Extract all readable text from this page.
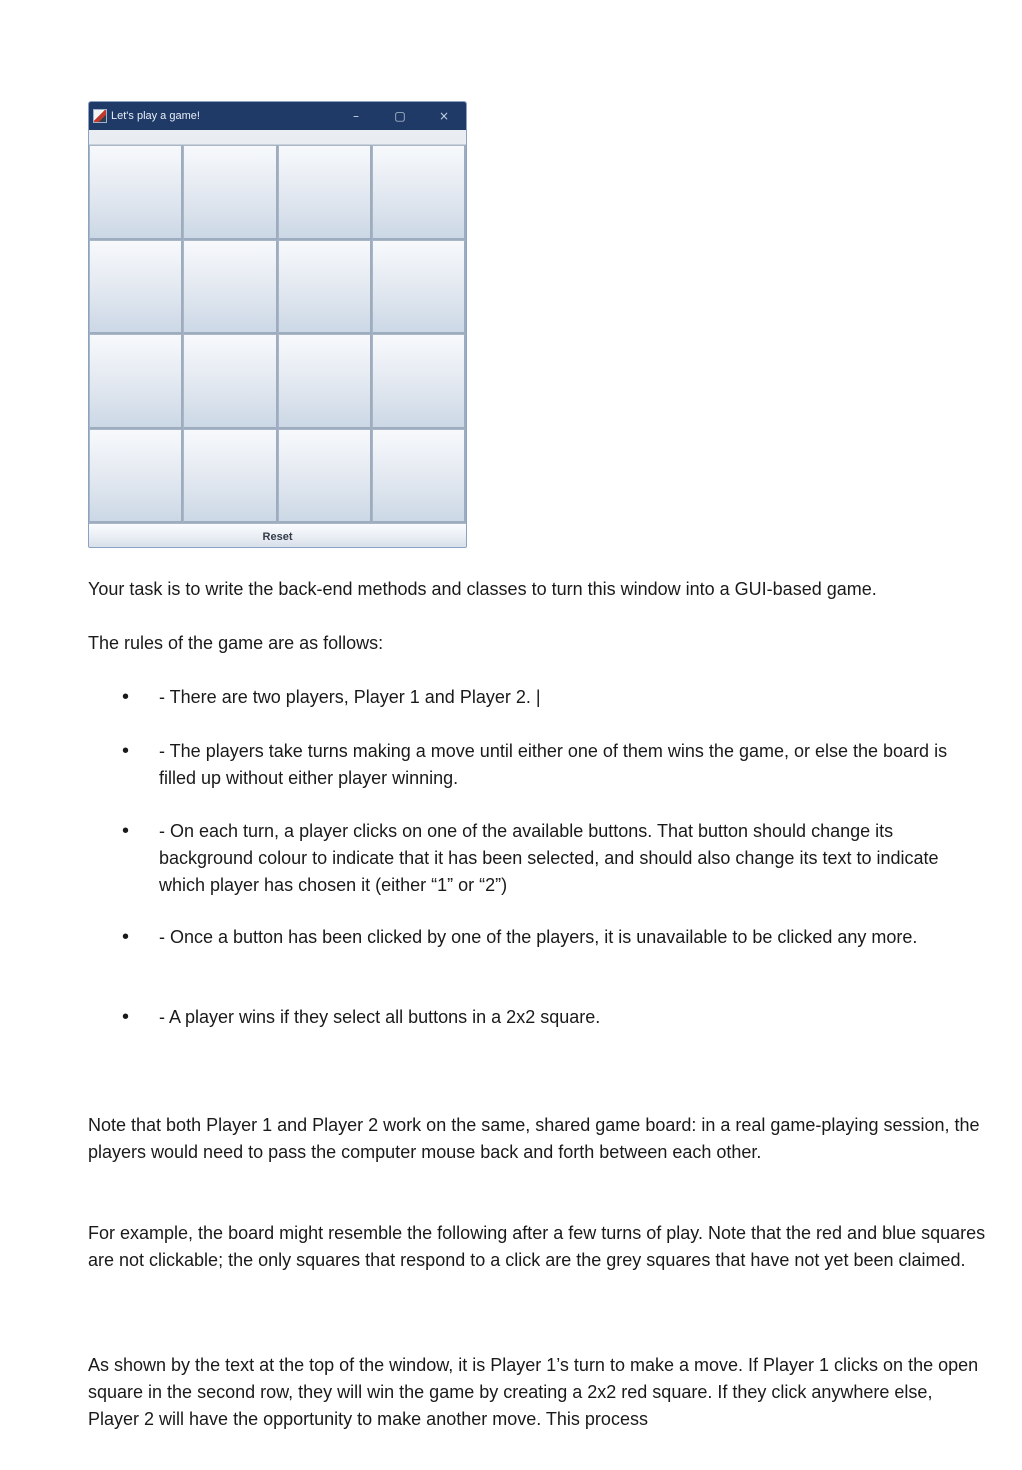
Let's play a game!	–	▢	×
Reset

Your task is to write the back-end methods and classes to turn this window into a GUI-based game.

The rules of the game are as follows:

•	- There are two players, Player 1 and Player 2. |
•	- The players take turns making a move until either one of them wins the game, or else the board is filled up without either player winning.
•	- On each turn, a player clicks on one of the available buttons. That button should change its background colour to indicate that it has been selected, and should also change its text to indicate which player has chosen it (either “1” or “2”)
•	- Once a button has been clicked by one of the players, it is unavailable to be clicked any more.
•	- A player wins if they select all buttons in a 2x2 square.

Note that both Player 1 and Player 2 work on the same, shared game board: in a real game-playing session, the players would need to pass the computer mouse back and forth between each other.

For example, the board might resemble the following after a few turns of play. Note that the red and blue squares are not clickable; the only squares that respond to a click are the grey squares that have not yet been claimed.

As shown by the text at the top of the window, it is Player 1’s turn to make a move. If Player 1 clicks on the open square in the second row, they will win the game by creating a 2x2 red square. If they click anywhere else, Player 2 will have the opportunity to make another move. This process
